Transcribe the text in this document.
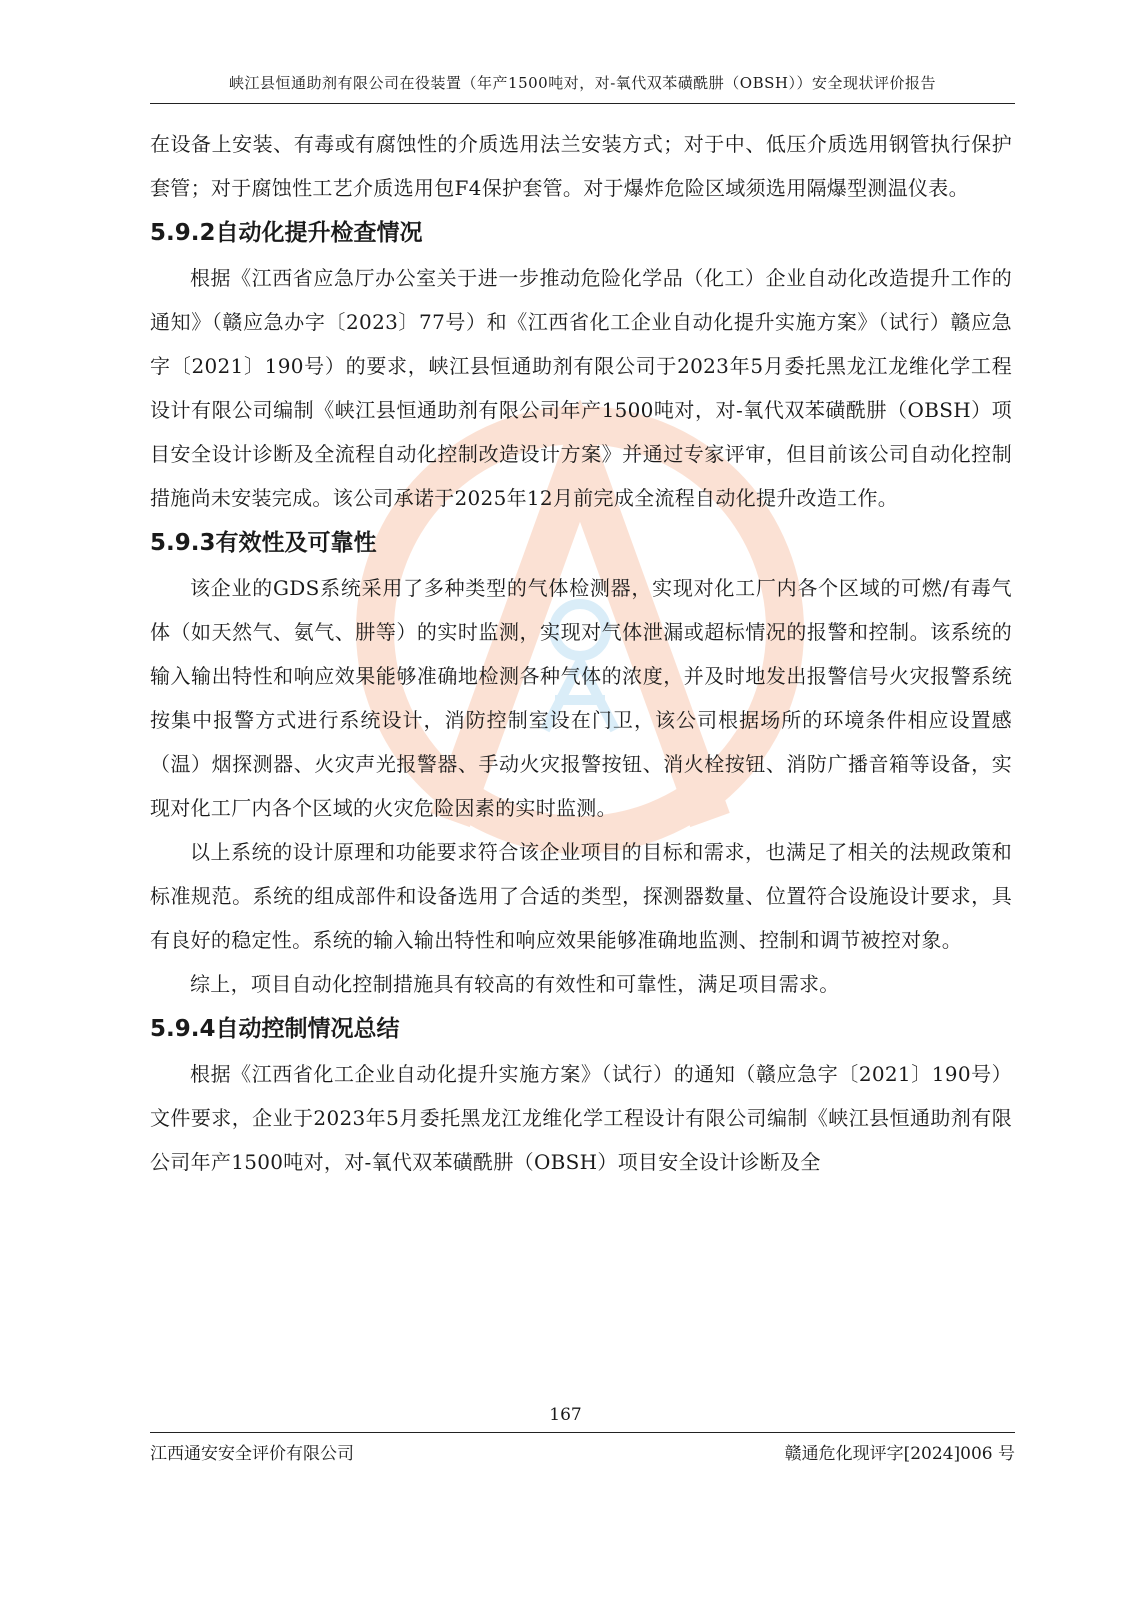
峡江县恒通助剂有限公司在役装置（年产1500吨对，对-氧代双苯磺酰肼（OBSH））安全现状评价报告

在设备上安装、有毒或有腐蚀性的介质选用法兰安装方式；对于中、低压介质选用钢管执行保护套管；对于腐蚀性工艺介质选用包F4保护套管。对于爆炸危险区域须选用隔爆型测温仪表。

5.9.2自动化提升检查情况

根据《江西省应急厅办公室关于进一步推动危险化学品（化工）企业自动化改造提升工作的通知》（赣应急办字〔2023〕77号）和《江西省化工企业自动化提升实施方案》（试行）赣应急字〔2021〕190号）的要求，峡江县恒通助剂有限公司于2023年5月委托黑龙江龙维化学工程设计有限公司编制《峡江县恒通助剂有限公司年产1500吨对，对-氧代双苯磺酰肼（OBSH）项目安全设计诊断及全流程自动化控制改造设计方案》并通过专家评审，但目前该公司自动化控制措施尚未安装完成。该公司承诺于2025年12月前完成全流程自动化提升改造工作。

5.9.3有效性及可靠性

该企业的GDS系统采用了多种类型的气体检测器，实现对化工厂内各个区域的可燃/有毒气体（如天然气、氨气、肼等）的实时监测，实现对气体泄漏或超标情况的报警和控制。该系统的输入输出特性和响应效果能够准确地检测各种气体的浓度，并及时地发出报警信号火灾报警系统按集中报警方式进行系统设计，消防控制室设在门卫，该公司根据场所的环境条件相应设置感（温）烟探测器、火灾声光报警器、手动火灾报警按钮、消火栓按钮、消防广播音箱等设备，实现对化工厂内各个区域的火灾危险因素的实时监测。

以上系统的设计原理和功能要求符合该企业项目的目标和需求，也满足了相关的法规政策和标准规范。系统的组成部件和设备选用了合适的类型，探测器数量、位置符合设施设计要求，具有良好的稳定性。系统的输入输出特性和响应效果能够准确地监测、控制和调节被控对象。

综上，项目自动化控制措施具有较高的有效性和可靠性，满足项目需求。

5.9.4自动控制情况总结

根据《江西省化工企业自动化提升实施方案》（试行）的通知（赣应急字〔2021〕190号）文件要求，企业于2023年5月委托黑龙江龙维化学工程设计有限公司编制《峡江县恒通助剂有限公司年产1500吨对，对-氧代双苯磺酰肼（OBSH）项目安全设计诊断及全

167
江西通安安全评价有限公司	赣通危化现评字[2024]006 号
